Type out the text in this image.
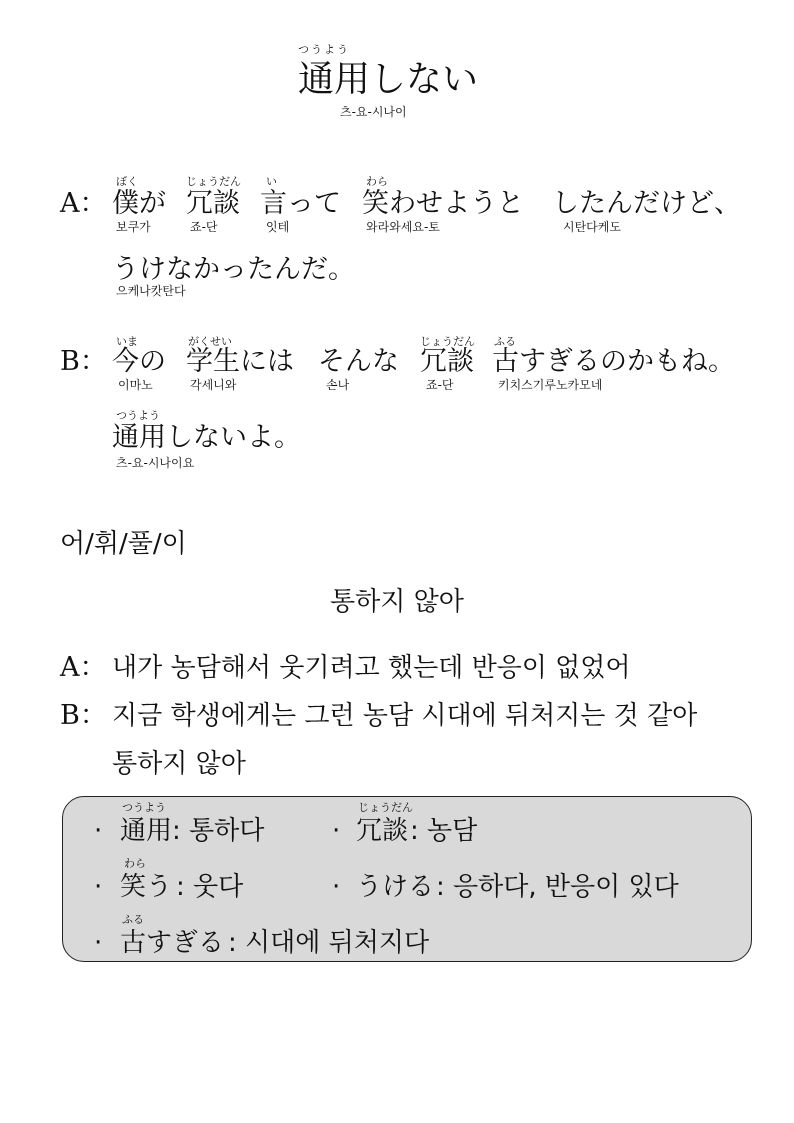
つうよう
通用しない
츠-요-시나이
A：
ぼく
僕が
보쿠가
じょうだん
冗談
죠-단
い
言って
잇테
わら
笑わせようと
와라와세요-토
したんだけど、
시탄다케도
うけなかったんだ。
으케나캇탄다
B：
いま
今の
이마노
がくせい
学生には
각세니와
そんな
손나
じょうだん
冗談
죠-단
ふる
古すぎるのかもね。
키치스기루노카모네
つうよう
通用しないよ。
츠-요-시나이요
어/휘/풀/이
통하지 않아
A： 내가 농담해서 웃기려고 했는데 반응이 없었어
B： 지금 학생에게는 그런 농담 시대에 뒤처지는 것 같아
통하지 않아
·
つうよう
通用 : 통하다	·
じょうだん
冗談 : 농담
·
わら
笑う : 웃다	· うける : 응하다, 반응이 있다
·
ふる
古すぎる : 시대에 뒤처지다
